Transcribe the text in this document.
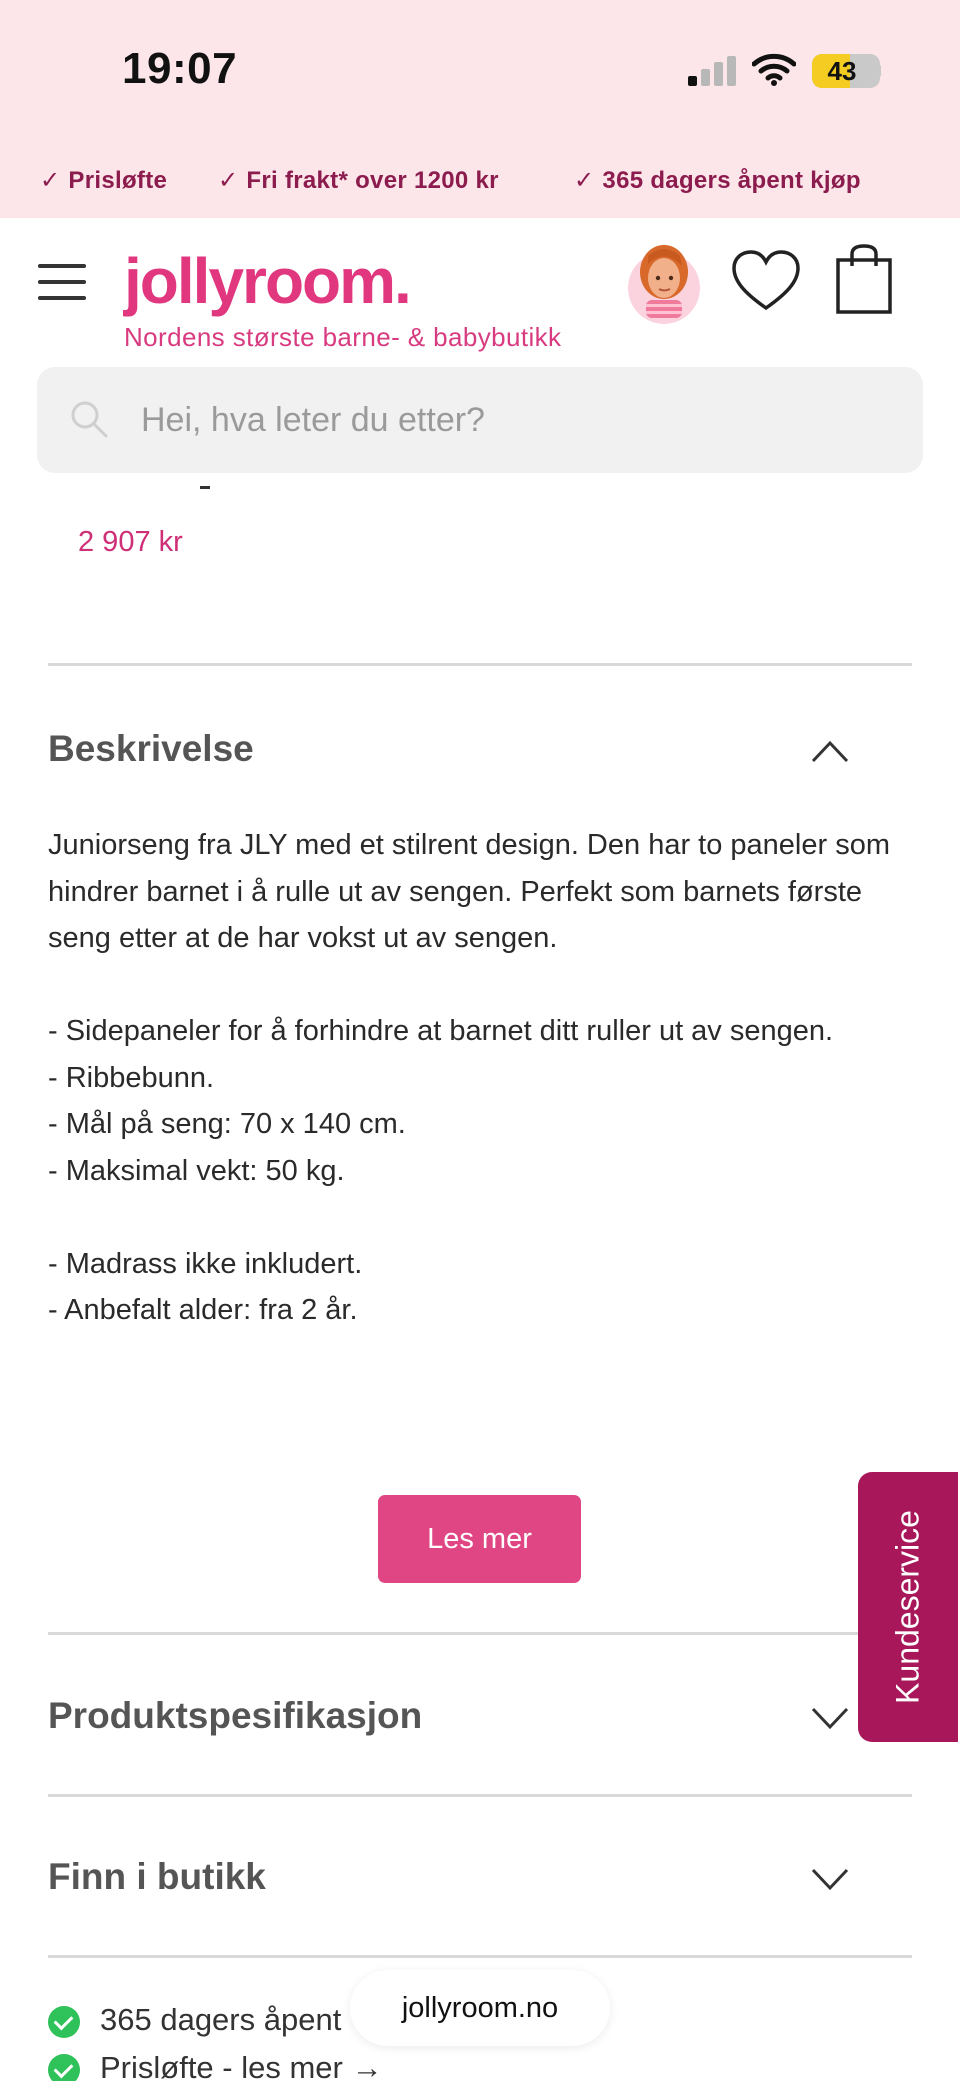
19:07	43
✓ Prisløfte ✓ Fri frakt* over 1200 kr	✓ 365 dagers åpent kjøp
jollyroom.
Nordens største barne- & babybutikk
Hei, hva leter du etter?
2 907 kr
Beskrivelse
Juniorseng fra JLY med et stilrent design. Den har to paneler som hindrer barnet i å rulle ut av sengen. Perfekt som barnets første seng etter at de har vokst ut av sengen.

- Sidepaneler for å forhindre at barnet ditt ruller ut av sengen.
- Ribbebunn.
- Mål på seng: 70 x 140 cm.
- Maksimal vekt: 50 kg.

- Madrass ikke inkludert.
- Anbefalt alder: fra 2 år.
Les mer
Produktspesifikasjon
Finn i butikk
365 dagers åpent
Prisløfte - les mer →
Kundeservice
jollyroom.no
